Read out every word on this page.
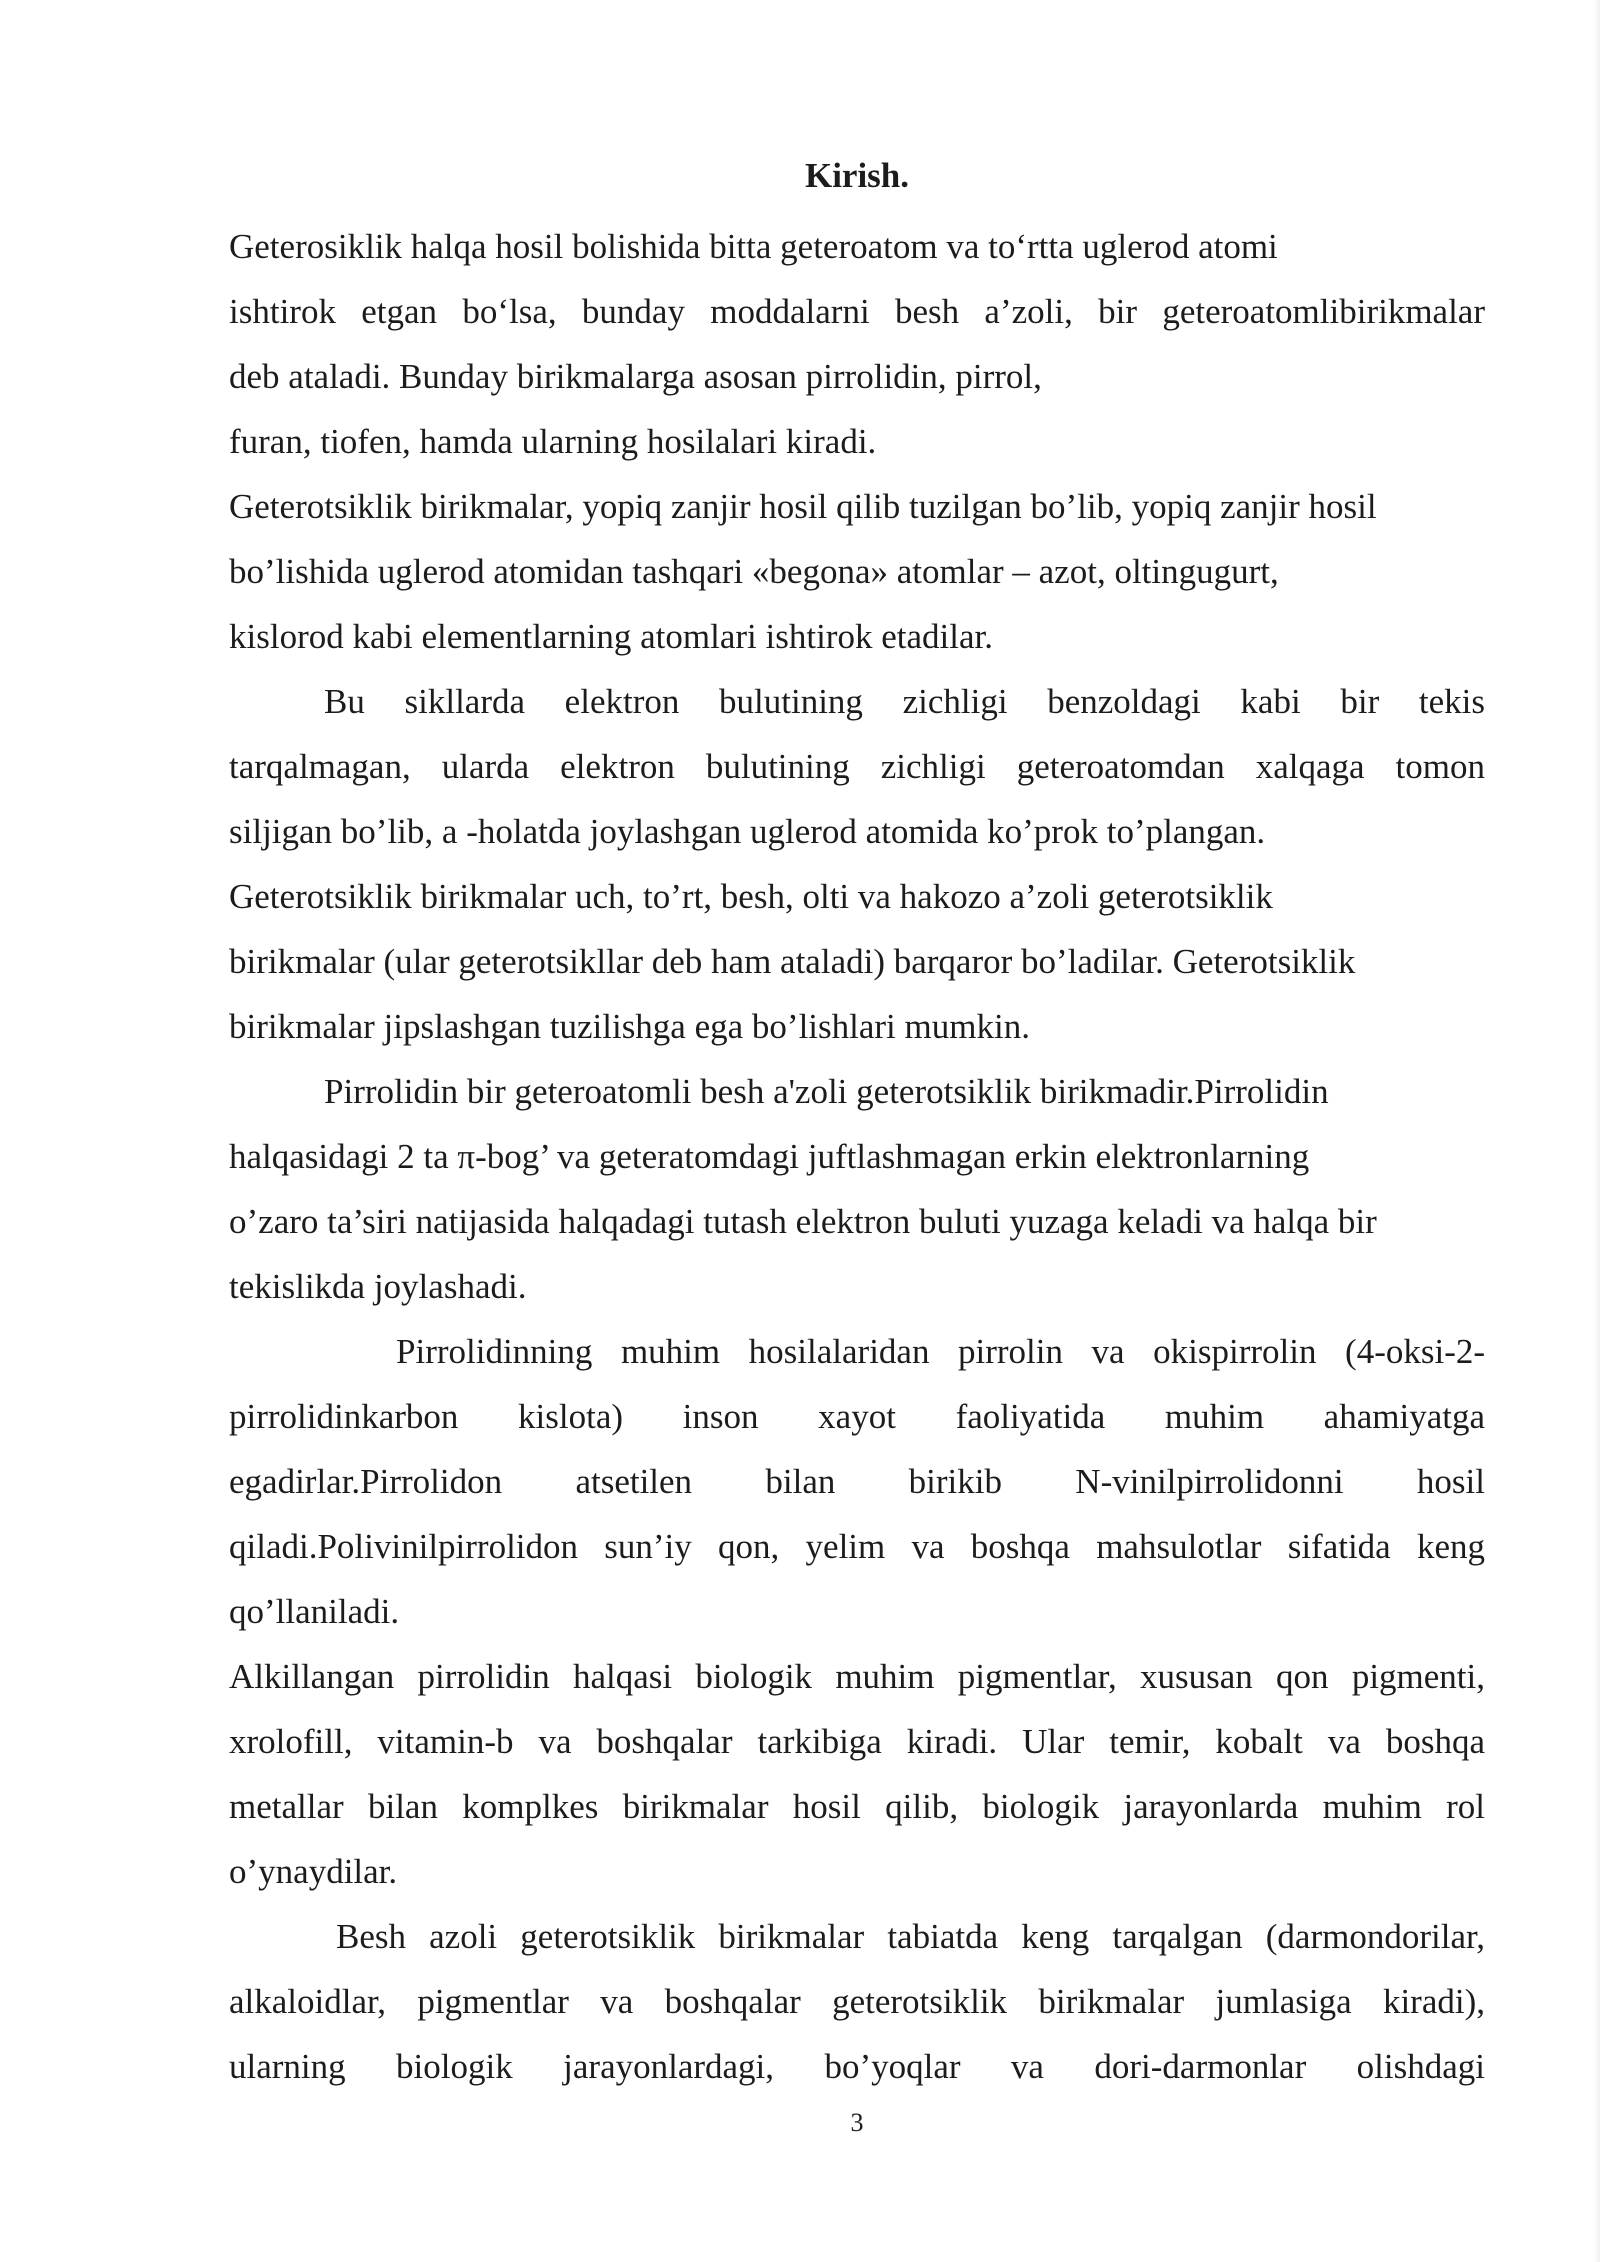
Kirish.
Geterosiklik halqa hosil bolishida bitta geteroatom va to‘rtta uglerod atomi
ishtirok etgan bo‘lsa, bunday moddalarni besh a’zoli, bir geteroatomlibirikmalar
deb ataladi. Bunday birikmalarga asosan pirrolidin, pirrol,
furan, tiofen, hamda ularning hosilalari kiradi.
Geterotsiklik birikmalar, yopiq zanjir hosil qilib tuzilgan bo’lib, yopiq zanjir hosil
bo’lishida uglerod atomidan tashqari «begona» atomlar – azot, oltingugurt,
kislorod kabi elementlarning atomlari ishtirok etadilar.
Bu sikllarda elektron bulutining zichligi benzoldagi kabi bir tekis
tarqalmagan, ularda elektron bulutining zichligi geteroatomdan xalqaga tomon
siljigan bo’lib, a -holatda joylashgan uglerod atomida ko’prok to’plangan.
Geterotsiklik birikmalar uch, to’rt, besh, olti va hakozo a’zoli geterotsiklik
birikmalar (ular geterotsikllar deb ham ataladi) barqaror bo’ladilar. Geterotsiklik
birikmalar jipslashgan tuzilishga ega bo’lishlari mumkin.
Pirrolidin bir geteroatomli besh a'zoli geterotsiklik birikmadir.Pirrolidin
halqasidagi 2 ta π-bog’ va geteratomdagi juftlashmagan erkin elektronlarning
o’zaro ta’siri natijasida halqadagi tutash elektron buluti yuzaga keladi va halqa bir
tekislikda joylashadi.
Pirrolidinning muhim hosilalaridan pirrolin va okispirrolin (4-oksi-2-
pirrolidinkarbon kislota) inson xayot faoliyatida muhim ahamiyatga
egadirlar.Pirrolidon atsetilen bilan birikib N-vinilpirrolidonni hosil
qiladi.Polivinilpirrolidon sun’iy qon, yelim va boshqa mahsulotlar sifatida keng
qo’llaniladi.
Alkillangan pirrolidin halqasi biologik muhim pigmentlar, xususan qon pigmenti,
xrolofill, vitamin-b va boshqalar tarkibiga kiradi. Ular temir, kobalt va boshqa
metallar bilan komplkes birikmalar hosil qilib, biologik jarayonlarda muhim rol
o’ynaydilar.
Besh azoli geterotsiklik birikmalar tabiatda keng tarqalgan (darmondorilar,
alkaloidlar, pigmentlar va boshqalar geterotsiklik birikmalar jumlasiga kiradi),
ularning biologik jarayonlardagi, bo’yoqlar va dori-darmonlar olishdagi
3
